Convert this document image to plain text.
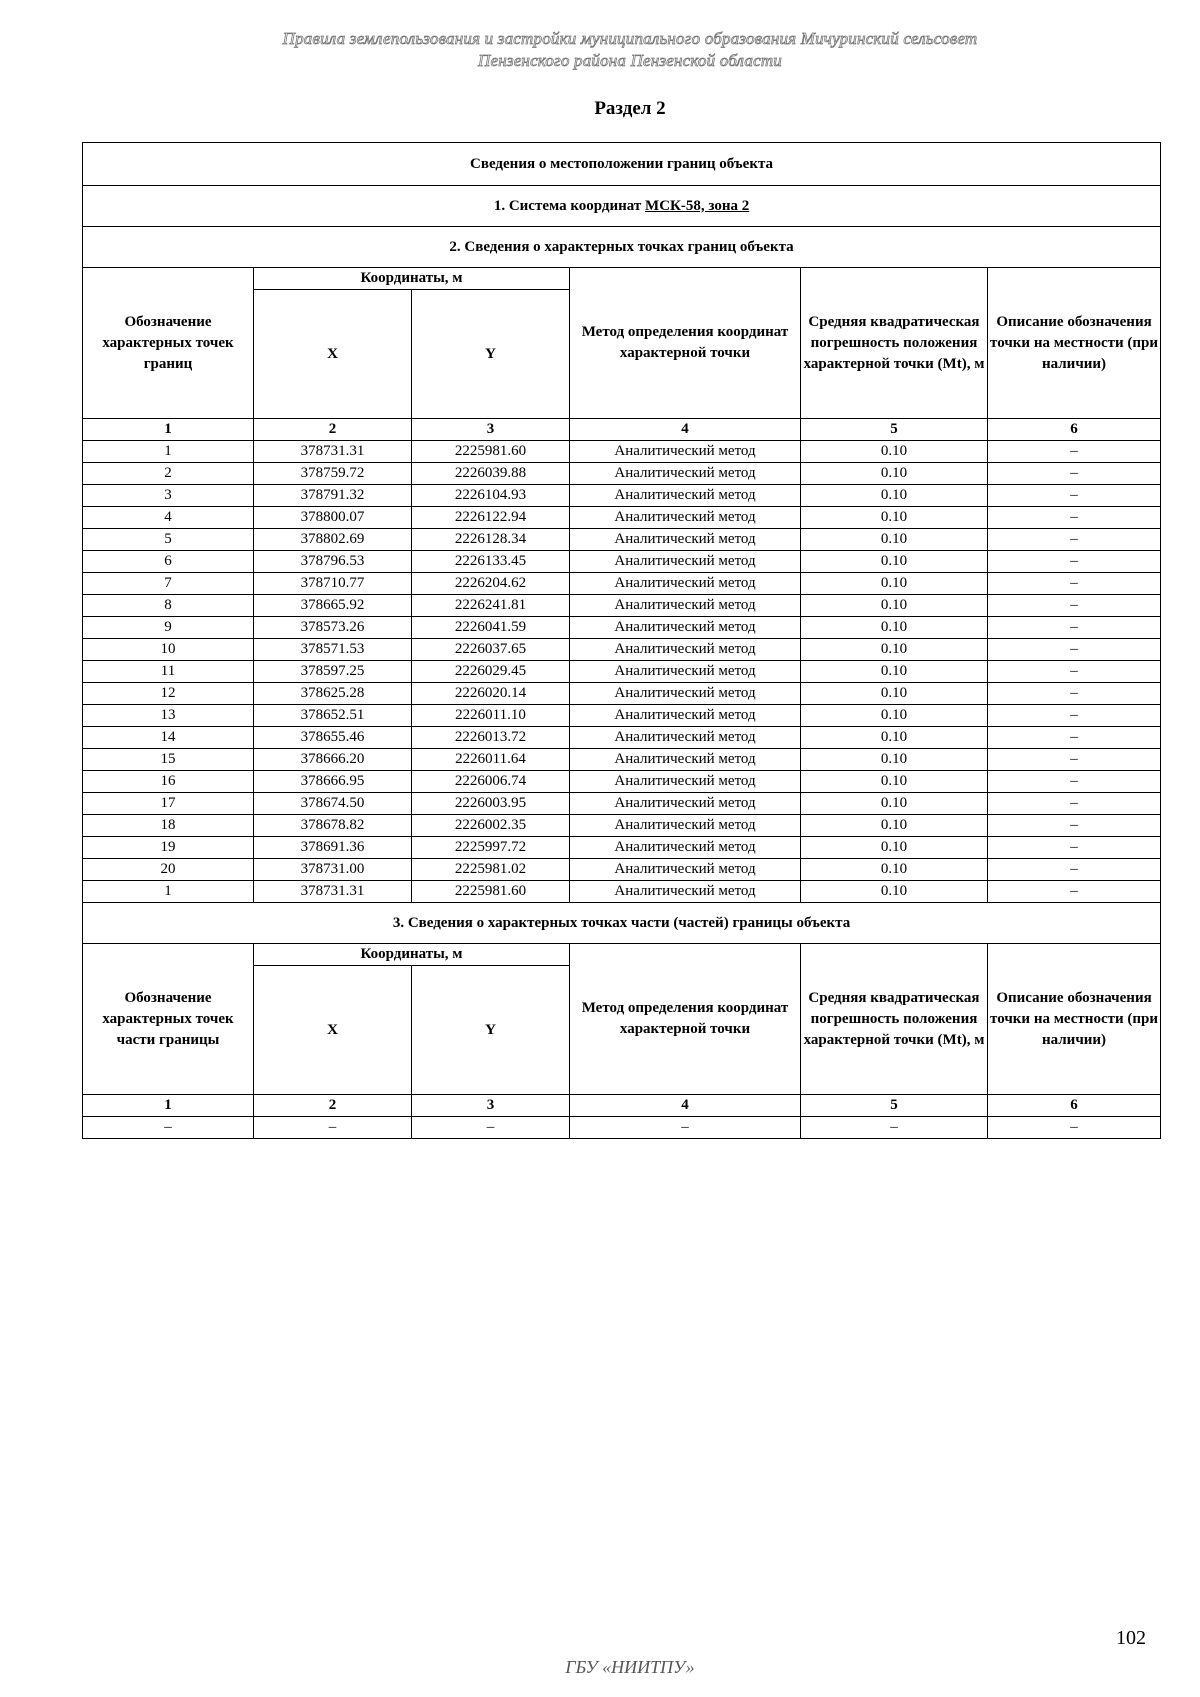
Правила землепользования и застройки муниципального образования Мичуринский сельсовет
Пензенского района Пензенской области
Раздел 2
Сведения о местоположении границ объекта					
1. Система координат МСК-58, зона 2					
2. Сведения о характерных точках границ объекта					
Обозначение характерных точек границ	Координаты, м		Метод определения координат характерной точки	Средняя квадратическая погрешность положения характерной точки (Mt), м	Описание обозначения точки на местности (при наличии)
	X	Y			
1	2	3	4	5	6
1	378731.31	2225981.60	Аналитический метод	0.10	–
2	378759.72	2226039.88	Аналитический метод	0.10	–
3	378791.32	2226104.93	Аналитический метод	0.10	–
4	378800.07	2226122.94	Аналитический метод	0.10	–
5	378802.69	2226128.34	Аналитический метод	0.10	–
6	378796.53	2226133.45	Аналитический метод	0.10	–
7	378710.77	2226204.62	Аналитический метод	0.10	–
8	378665.92	2226241.81	Аналитический метод	0.10	–
9	378573.26	2226041.59	Аналитический метод	0.10	–
10	378571.53	2226037.65	Аналитический метод	0.10	–
11	378597.25	2226029.45	Аналитический метод	0.10	–
12	378625.28	2226020.14	Аналитический метод	0.10	–
13	378652.51	2226011.10	Аналитический метод	0.10	–
14	378655.46	2226013.72	Аналитический метод	0.10	–
15	378666.20	2226011.64	Аналитический метод	0.10	–
16	378666.95	2226006.74	Аналитический метод	0.10	–
17	378674.50	2226003.95	Аналитический метод	0.10	–
18	378678.82	2226002.35	Аналитический метод	0.10	–
19	378691.36	2225997.72	Аналитический метод	0.10	–
20	378731.00	2225981.02	Аналитический метод	0.10	–
1	378731.31	2225981.60	Аналитический метод	0.10	–
3. Сведения о характерных точках части (частей) границы объекта					
Обозначение характерных точек части границы	Координаты, м		Метод определения координат характерной точки	Средняя квадратическая погрешность положения характерной точки (Mt), м	Описание обозначения точки на местности (при наличии)
	X	Y			
1	2	3	4	5	6
–	–	–	–	–	–
102
ГБУ «НИИТПУ»
